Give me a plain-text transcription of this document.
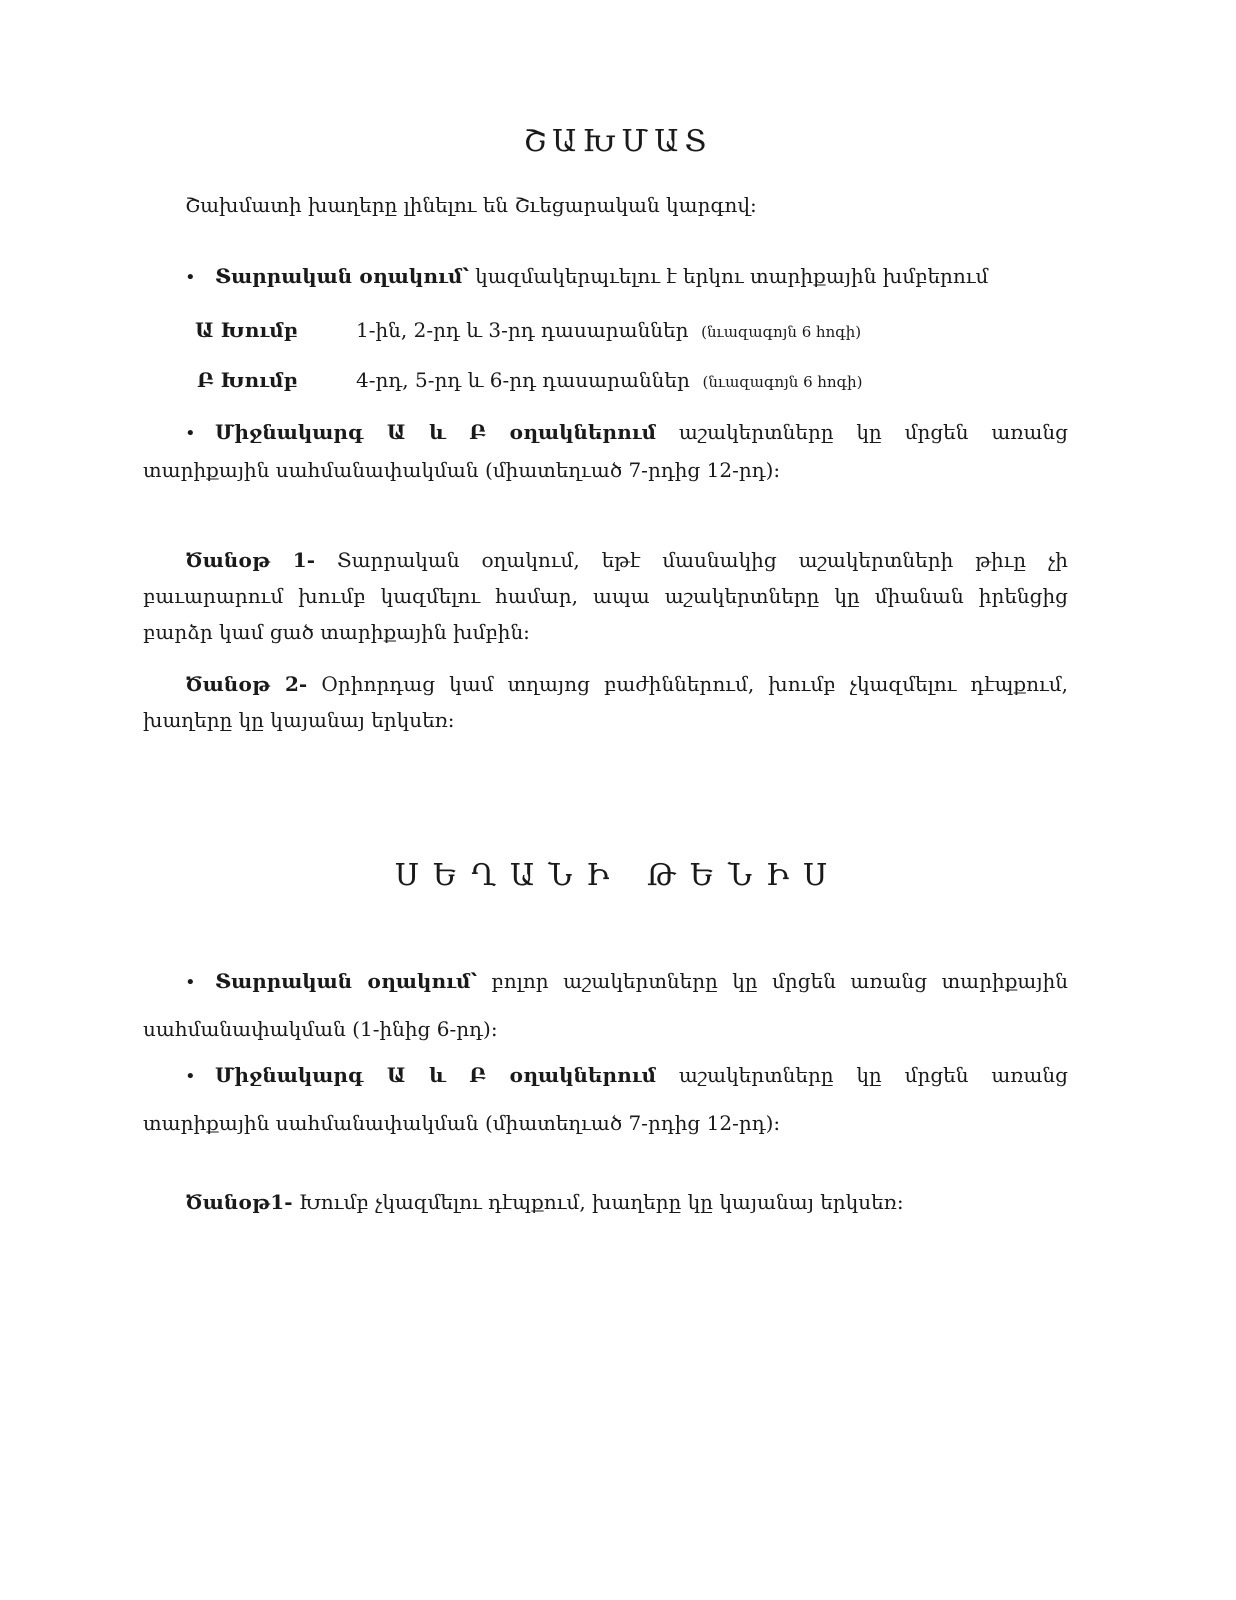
ՇԱԽՄԱՏ
Շախմատի խաղերը լինելու են Շւեցարական կարգով:
• Տարրական օղակում՝ կազմակերպւելու է երկու տարիքային խմբերում
Ա Խումբ	1-ին, 2-րդ և 3-րդ դասարաններ (նւազագոյն 6 հոգի)
Բ Խումբ	4-րդ, 5-րդ և 6-րդ դասարաններ (նւազագոյն 6 հոգի)
• Միջնակարգ Ա և Բ օղակներում աշակերտները կը մրցեն առանց տարիքային սահմանափակման (միատեղւած 7-րդից 12-րդ):
Ծանօթ 1- Տարրական օղակում, եթէ մասնակից աշակերտների թիւը չի բաւարարում խումբ կազմելու համար, ապա աշակերտները կը միանան իրենցից բարձր կամ ցած տարիքային խմբին:
Ծանօթ 2- Օրիորդաց կամ տղայոց բաժիններում, խումբ չկազմելու դէպքում, խաղերը կը կայանայ երկսեռ:
ՍԵՂԱՆԻ ԹԵՆԻՍ
• Տարրական օղակում՝ բոլոր աշակերտները կը մրցեն առանց տարիքային սահմանափակման (1-ինից 6-րդ):
• Միջնակարգ Ա և Բ օղակներում աշակերտները կը մրցեն առանց տարիքային սահմանափակման (միատեղւած 7-րդից 12-րդ):
Ծանօթ1- Խումբ չկազմելու դէպքում, խաղերը կը կայանայ երկսեռ:
